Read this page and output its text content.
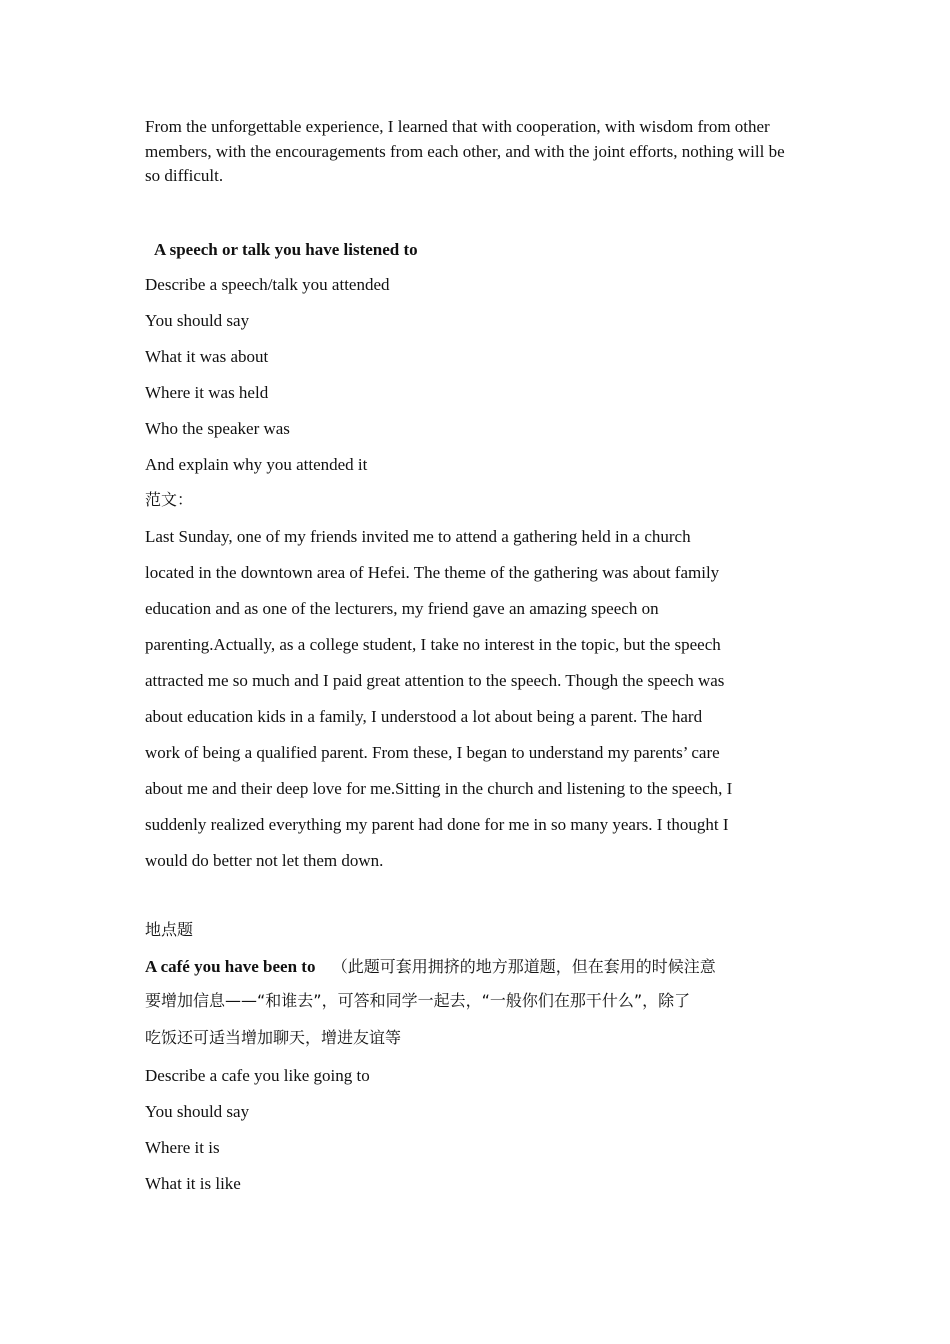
From the unforgettable experience, I learned that with cooperation, with wisdom from other
members, with the encouragements from each other, and with the joint efforts, nothing will be
so difficult.
A speech or talk you have listened to
Describe a speech/talk you attended
You should say
What it was about
Where it was held
Who the speaker was
And explain why you attended it
范文：
Last Sunday, one of my friends invited me to attend a gathering held in a church
located in the downtown area of Hefei. The theme of the gathering was about family
education and as one of the lecturers, my friend gave an amazing speech on
parenting.Actually, as a college student, I take no interest in the topic, but the speech
attracted me so much and I paid great attention to the speech. Though the speech was
about education kids in a family, I understood a lot about being a parent. The hard
work of being a qualified parent. From these, I began to understand my parents’ care
about me and their deep love for me.Sitting in the church and listening to the speech, I
suddenly realized everything my parent had done for me in so many years. I thought I
would do better not let them down.
地点题
A café you have been to （此题可套用拥挤的地方那道题，但在套用的时候注意
要增加信息——“和谁去”，可答和同学一起去，“一般你们在那干什么”，除了
吃饭还可适当增加聊天，增进友谊等
Describe a cafe you like going to
You should say
Where it is
What it is like
